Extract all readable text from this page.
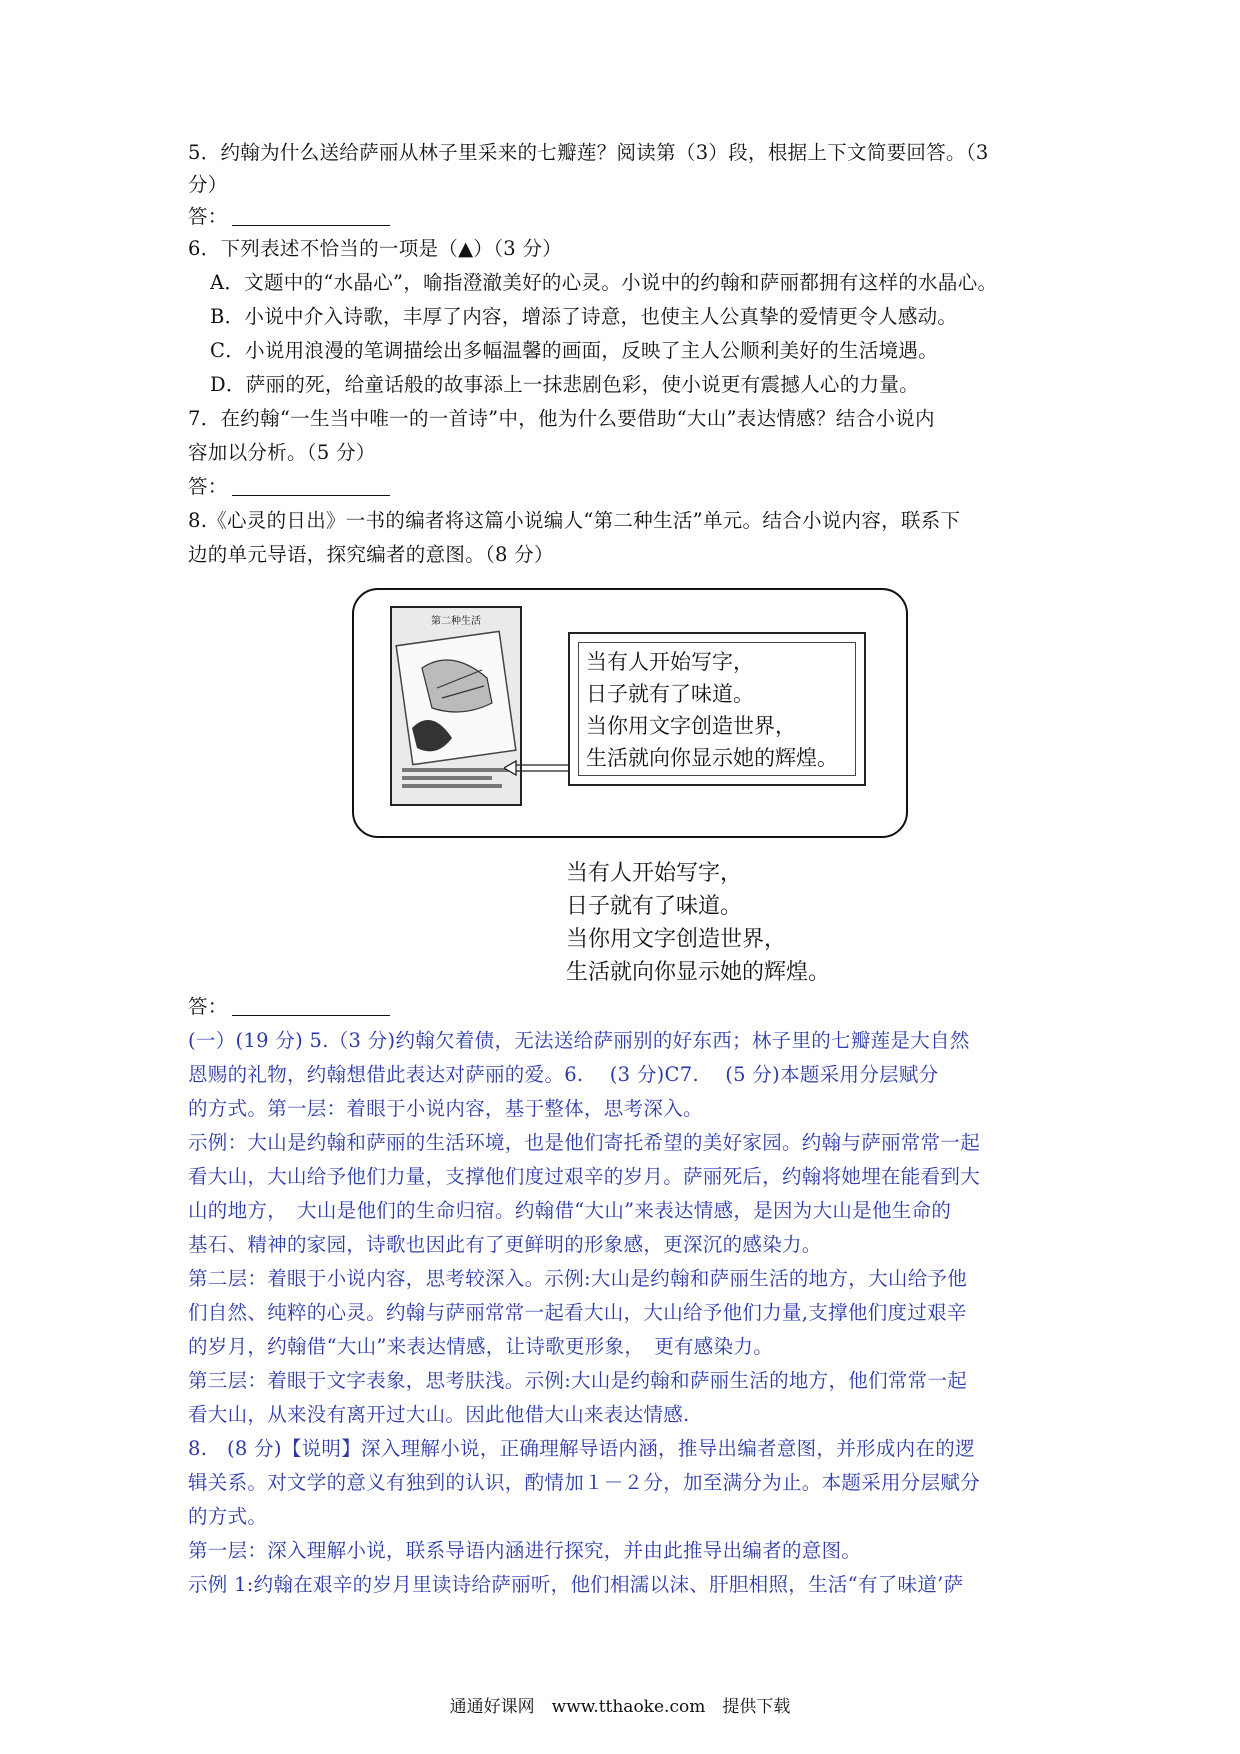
5．约翰为什么送给萨丽从林子里采来的七瓣莲？阅读第（3）段，根据上下文简要回答。（3
分）
答：
6．下列表述不恰当的一项是（▲）（3 分）
A．文题中的“水晶心”，喻指澄澈美好的心灵。小说中的约翰和萨丽都拥有这样的水晶心。
B．小说中介入诗歌，丰厚了内容，增添了诗意，也使主人公真挚的爱情更令人感动。
C．小说用浪漫的笔调描绘出多幅温馨的画面，反映了主人公顺利美好的生活境遇。
D．萨丽的死，给童话般的故事添上一抹悲剧色彩，使小说更有震撼人心的力量。
7．在约翰“一生当中唯一的一首诗”中，他为什么要借助“大山”表达情感？结合小说内
容加以分析。（5 分）
答：
8.《心灵的日出》一书的编者将这篇小说编人“第二种生活”单元。结合小说内容，联系下
边的单元导语，探究编者的意图。（8 分）
第二种生活
当有人开始写字，
日子就有了味道。
当你用文字创造世界，
生活就向你显示她的辉煌。
当有人开始写字，
日子就有了味道。
当你用文字创造世界，
生活就向你显示她的辉煌。
答：
(一）(19 分) 5.（3 分)约翰欠着债，无法送给萨丽别的好东西；林子里的七瓣莲是大自然
恩赐的礼物，约翰想借此表达对萨丽的爱。6.　 (3 分)C7.　 (5 分)本题采用分层赋分
的方式。第一层：着眼于小说内容，基于整体，思考深入。
示例：大山是约翰和萨丽的生活环境，也是他们寄托希望的美好家园。约翰与萨丽常常一起
看大山，大山给予他们力量，支撑他们度过艰辛的岁月。萨丽死后，约翰将她埋在能看到大
山的地方，　大山是他们的生命归宿。约翰借“大山”来表达情感，是因为大山是他生命的
基石、精神的家园，诗歌也因此有了更鲜明的形象感，更深沉的感染力。
第二层：着眼于小说内容，思考较深入。示例:大山是约翰和萨丽生活的地方，大山给予他
们自然、纯粹的心灵。约翰与萨丽常常一起看大山，大山给予他们力量,支撑他们度过艰辛
的岁月，约翰借“大山”来表达情感，让诗歌更形象，　更有感染力。
第三层：着眼于文字表象，思考肤浅。示例:大山是约翰和萨丽生活的地方，他们常常一起
看大山，从来没有离开过大山。因此他借大山来表达情感.
8.　(8 分)【说明】深入理解小说，正确理解导语内涵，推导出编者意图，并形成内在的逻
辑关系。对文学的意义有独到的认识，酌情加１－２分，加至满分为止。本题采用分层赋分
的方式。
第一层：深入理解小说，联系导语内涵进行探究，并由此推导出编者的意图。
示例 1:约翰在艰辛的岁月里读诗给萨丽听，他们相濡以沫、肝胆相照，生活“有了味道’萨
通通好课网　www.tthaoke.com　提供下载
